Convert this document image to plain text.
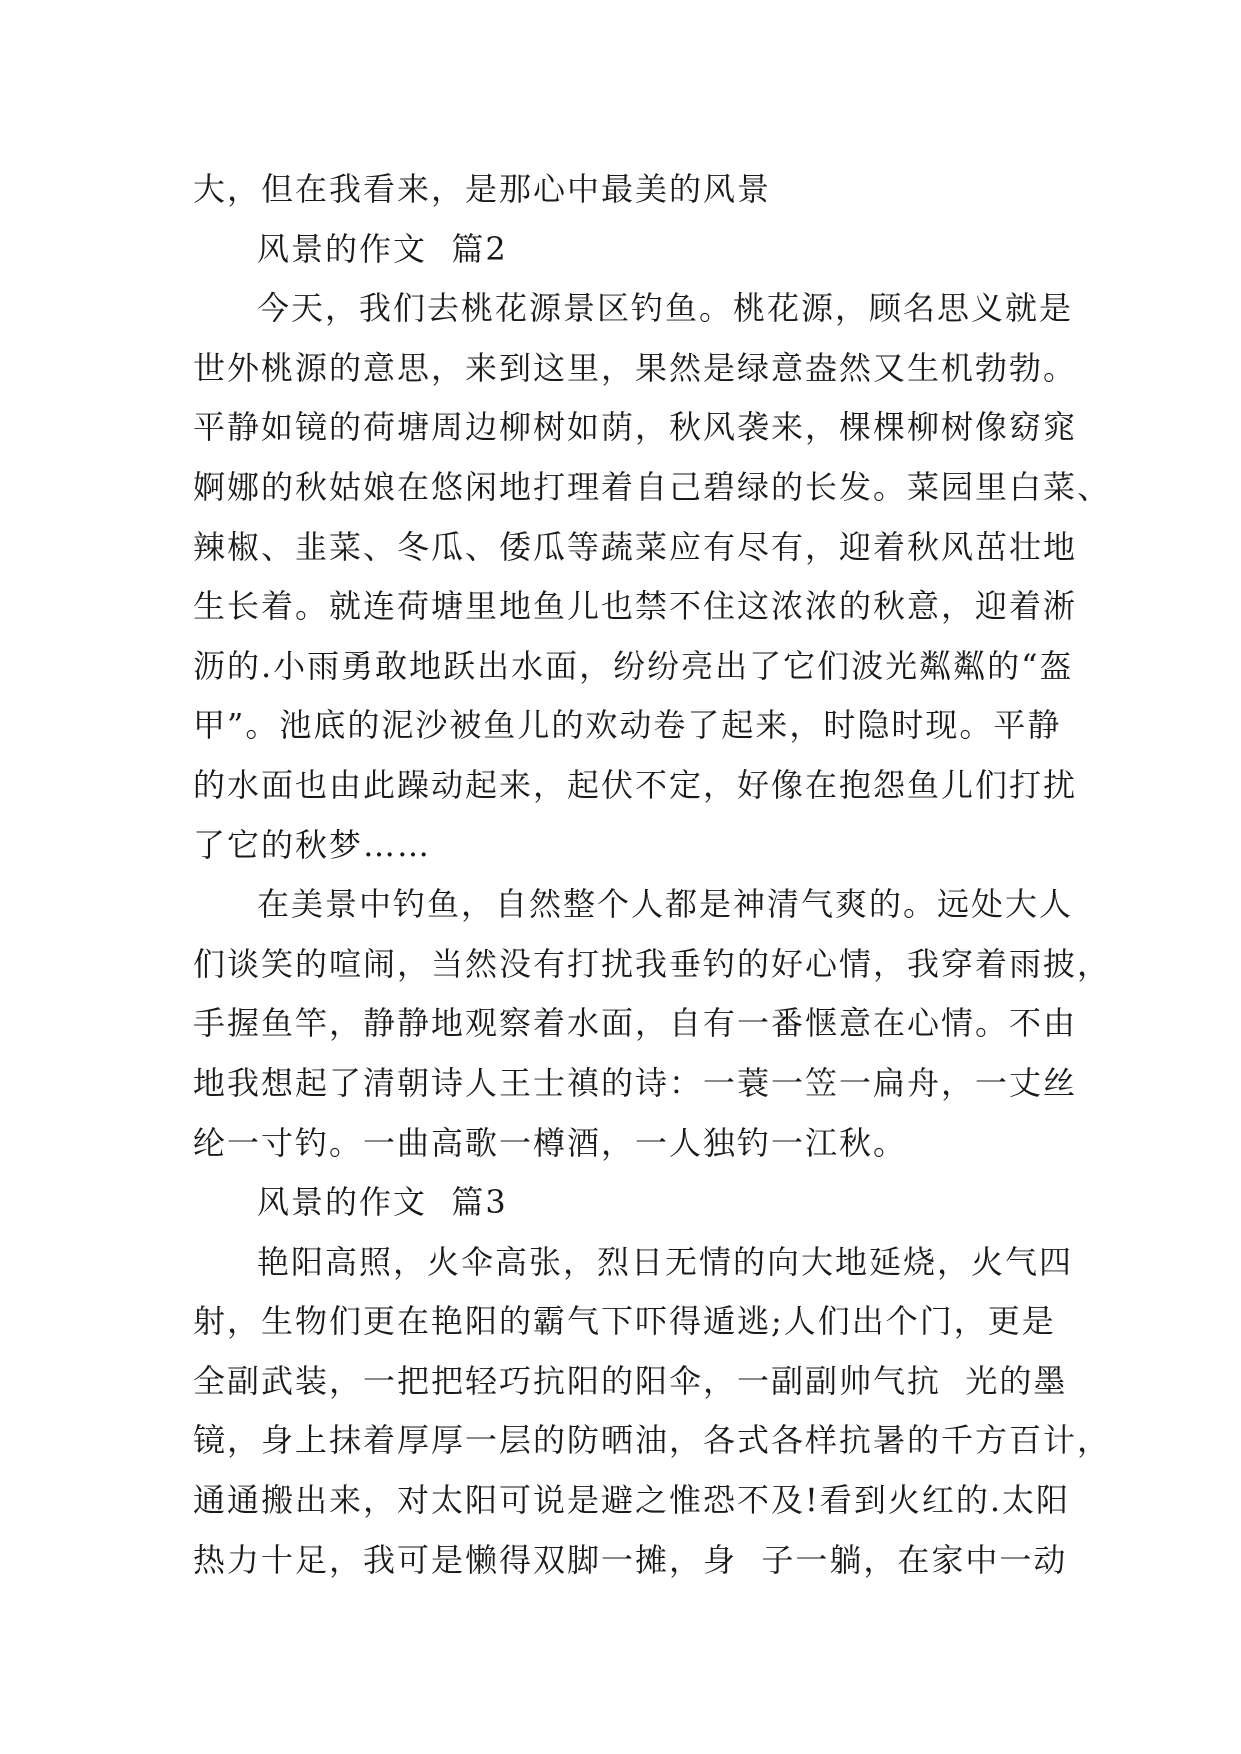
大，但在我看来，是那心中最美的风景
风景的作文  篇2
今天，我们去桃花源景区钓鱼。桃花源，顾名思义就是
世外桃源的意思，来到这里，果然是绿意盎然又生机勃勃。
平静如镜的荷塘周边柳树如荫，秋风袭来，棵棵柳树像窈窕
婀娜的秋姑娘在悠闲地打理着自己碧绿的长发。菜园里白菜、
辣椒、韭菜、冬瓜、倭瓜等蔬菜应有尽有，迎着秋风茁壮地
生长着。就连荷塘里地鱼儿也禁不住这浓浓的秋意，迎着淅
沥的.小雨勇敢地跃出水面，纷纷亮出了它们波光粼粼的“盔
甲”。池底的泥沙被鱼儿的欢动卷了起来，时隐时现。平静
的水面也由此躁动起来，起伏不定，好像在抱怨鱼儿们打扰
了它的秋梦……
在美景中钓鱼，自然整个人都是神清气爽的。远处大人
们谈笑的喧闹，当然没有打扰我垂钓的好心情，我穿着雨披，
手握鱼竿，静静地观察着水面，自有一番惬意在心情。不由
地我想起了清朝诗人王士禛的诗：一蓑一笠一扁舟，一丈丝
纶一寸钓。一曲高歌一樽酒，一人独钓一江秋。
风景的作文  篇3
艳阳高照，火伞高张，烈日无情的向大地延烧，火气四
射，生物们更在艳阳的霸气下吓得遁逃;人们出个门，更是
全副武装，一把把轻巧抗阳的阳伞，一副副帅气抗  光的墨
镜，身上抹着厚厚一层的防晒油，各式各样抗暑的千方百计，
通通搬出来，对太阳可说是避之惟恐不及!看到火红的.太阳
热力十足，我可是懒得双脚一摊，身  子一躺，在家中一动
